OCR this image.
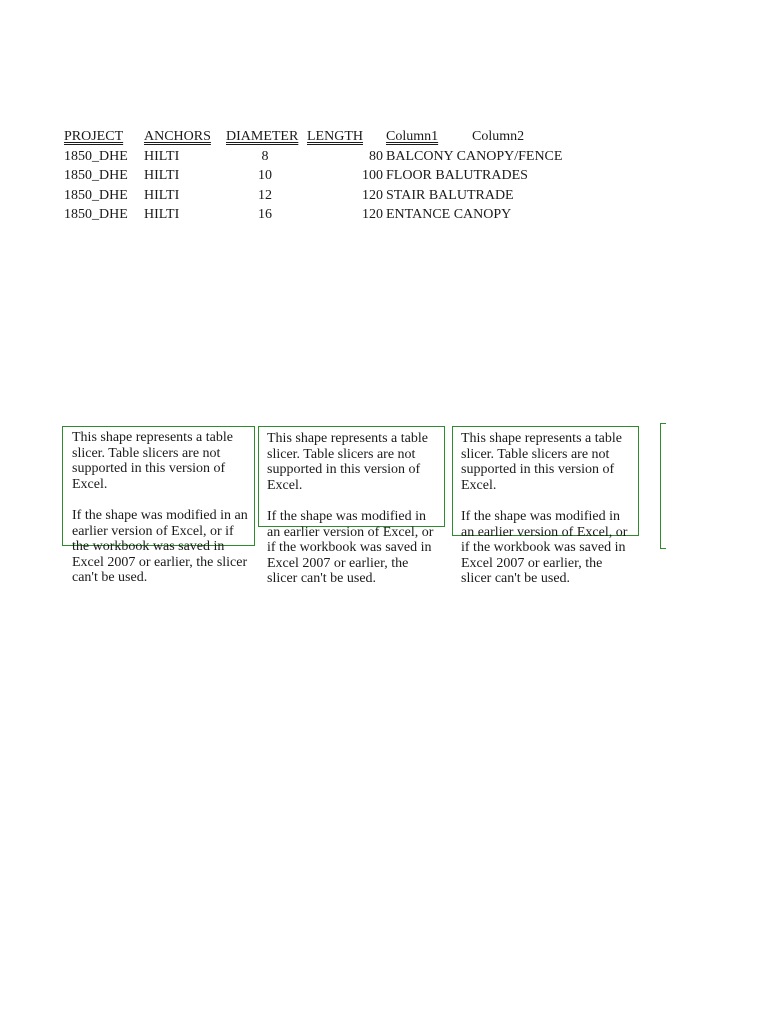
PROJECT ANCHORS DIAMETER LENGTH Column1 Column2
1850_DHE HILTI	8	80 BALCONY CANOPY/FENCE
1850_DHE HILTI	10	100 FLOOR BALUTRADES
1850_DHE HILTI	12	120 STAIR BALUTRADE
1850_DHE HILTI	16	120 ENTANCE CANOPY

This shape represents a table slicer. Table slicers are not supported in this version of Excel.

If the shape was modified in an earlier version of Excel, or if the workbook was saved in Excel 2007 or earlier, the slicer can't be used.

This shape represents a table slicer. Table slicers are not supported in this version of Excel.

If the shape was modified in an earlier version of Excel, or if the workbook was saved in Excel 2007 or earlier, the slicer can't be used.

This shape represents a table slicer. Table slicers are not supported in this version of Excel.

If the shape was modified in an earlier version of Excel, or if the workbook was saved in Excel 2007 or earlier, the slicer can't be used.
